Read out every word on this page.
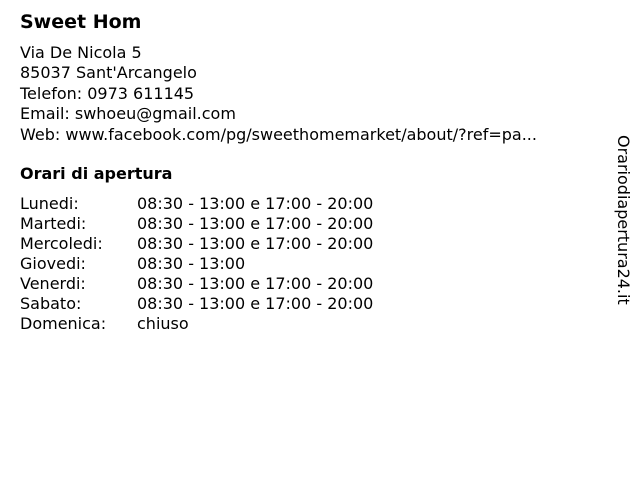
Sweet Hom
Via De Nicola 5
85037 Sant'Arcangelo
Telefon: 0973 611145
Email: swhoeu@gmail.com
Web: www.facebook.com/pg/sweethomemarket/about/?ref=pa...
Orari di apertura
Lunedi:	08:30 - 13:00 e 17:00 - 20:00
Martedi:	08:30 - 13:00 e 17:00 - 20:00
Mercoledi: 08:30 - 13:00 e 17:00 - 20:00
Giovedi:	08:30 - 13:00
Venerdi:	08:30 - 13:00 e 17:00 - 20:00
Sabato:	08:30 - 13:00 e 17:00 - 20:00
Domenica: chiuso
Orariodiapertura24.it
